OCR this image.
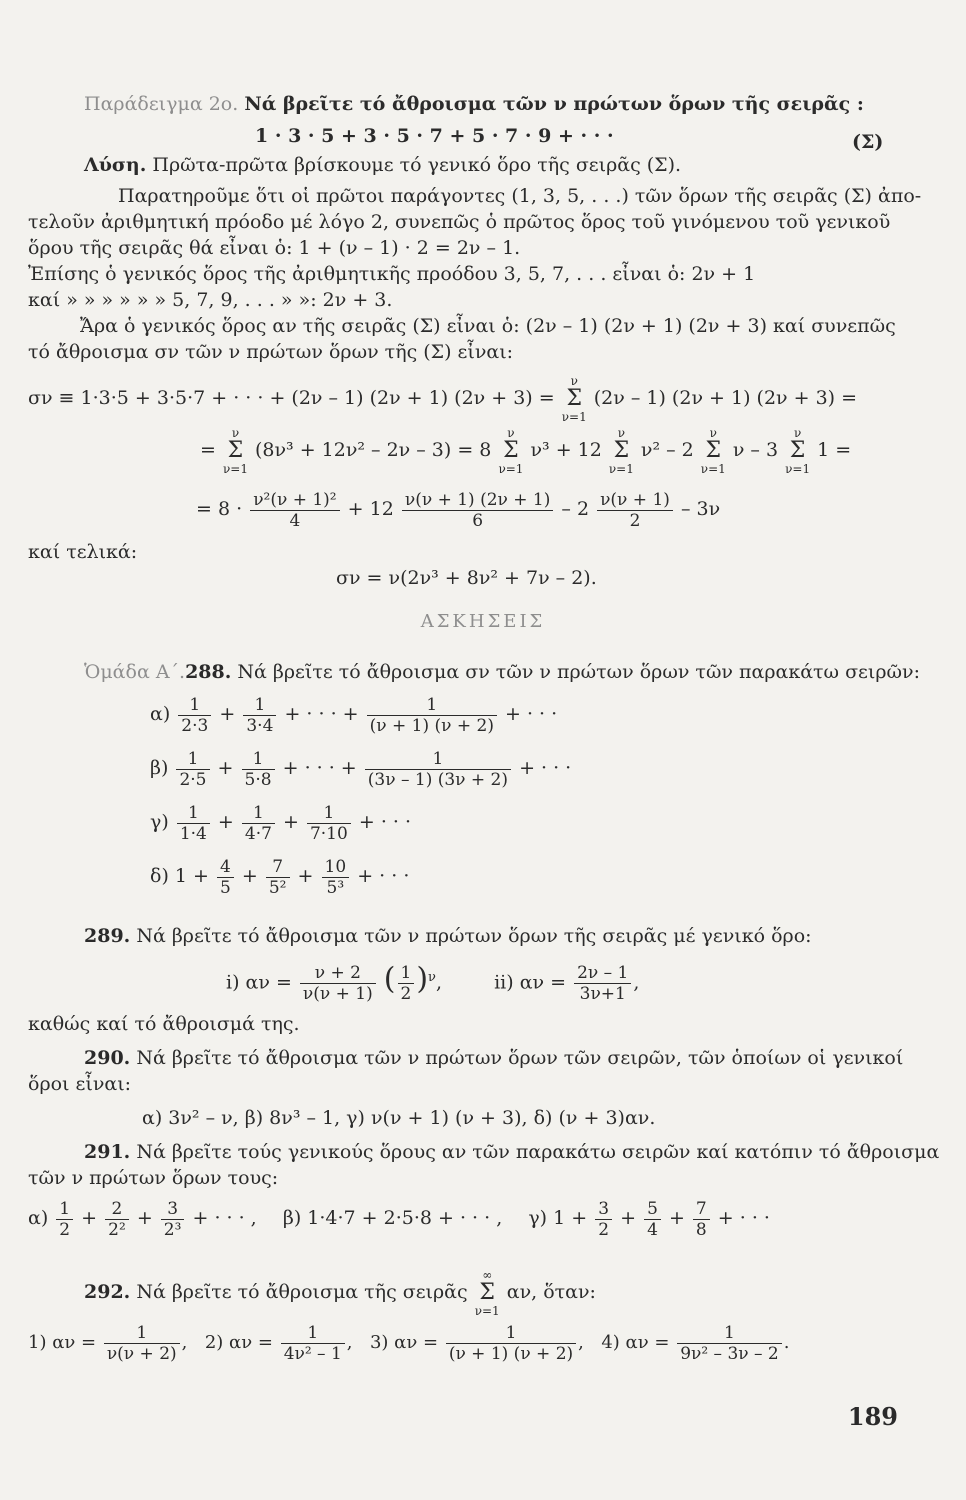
Παράδειγμα 2ο. Νά βρεῖτε τό ἄθροισμα τῶν ν πρώτων ὅρων τῆς σειρᾶς :
1 · 3 · 5 + 3 · 5 · 7 + 5 · 7 · 9 + · · ·	(Σ)
Λύση. Πρῶτα-πρῶτα βρίσκουμε τό γενικό ὅρο τῆς σειρᾶς (Σ).
Παρατηροῦμε ὅτι οἱ πρῶτοι παράγοντες (1, 3, 5, . . .) τῶν ὅρων τῆς σειρᾶς (Σ) ἀπο-
τελοῦν ἀριθμητική πρόοδο μέ λόγο 2, συνεπῶς ὁ πρῶτος ὅρος τοῦ γινόμενου τοῦ γενικοῦ
ὅρου τῆς σειρᾶς θά εἶναι ὁ: 1 + (ν – 1) · 2 = 2ν – 1.
Ἐπίσης ὁ γενικός ὅρος τῆς ἀριθμητικῆς προόδου 3, 5, 7, . . . εἶναι ὁ: 2ν + 1
καί » » » » » » 5, 7, 9, . . . » »: 2ν + 3.
Ἄρα ὁ γενικός ὅρος αν τῆς σειρᾶς (Σ) εἶναι ὁ: (2ν – 1) (2ν + 1) (2ν + 3) καί συνεπῶς
τό ἄθροισμα σν τῶν ν πρώτων ὅρων τῆς (Σ) εἶναι:
σν ≡ 1·3·5 + 3·5·7 + · · · + (2ν – 1) (2ν + 1) (2ν + 3) =
ν
Σ
ν=1
(2ν – 1) (2ν + 1) (2ν + 3) =
=
ν
Σ
ν=1
(8ν³ + 12ν² – 2ν – 3) = 8
ν
Σ
ν=1
ν³ + 12
ν
Σ
ν=1
ν² – 2
ν
Σ
ν=1
ν – 3
ν
Σ
ν=1
1 =
= $8 \cdot \frac{\text{ν²(ν + 1)²}}{4} + 12 \frac{\nu(\nu + 1) (2\nu + 1)}{6} - 2 \frac{\nu(\nu + 1)}{2} - 3\nu$
καί τελικά:
σν = ν(2ν³ + 8ν² + 7ν – 2).
ΑΣΚΗΣΕΙΣ
Ὁμάδα Α΄.288. Νά βρεῖτε τό ἄθροισμα σν τῶν ν πρώτων ὅρων τῶν παρακάτω σειρῶν:
$\alpha) \frac{1}{2\cdot 3} + \frac{1}{3\cdot 4}$ + · · · + $\frac{1}{(\nu + 1) (\nu + 2)}$ + · · ·
$\beta) \frac{1}{2\cdot 5} + \frac{1}{5\cdot 8}$ + · · · + $\frac{1}{(3\nu - 1) (3\nu + 2)}$ + · · ·
$\gamma) \frac{1}{1\cdot 4} + \frac{1}{4\cdot 7} + \frac{1}{7\cdot 10}$ + · · ·
δ) $1 + \frac{4}{5} + \frac{7}{\text{5²}} + \frac{10}{\text{5³}}$ + · · ·
289. Νά βρεῖτε τό ἄθροισμα τῶν ν πρώτων ὅρων τῆς σειρᾶς μέ γενικό ὅρο:
i) $\alpha\nu = \frac{\nu + 2}{\nu(\nu + 1)}$ ( $\frac{1}{2} )^\nu$,  ii) $\alpha\nu = \frac{2\nu - 1}{3\nu+1}$ ,
καθώς καί τό ἄθροισμά της.
290. Νά βρεῖτε τό ἄθροισμα τῶν ν πρώτων ὅρων τῶν σειρῶν, τῶν ὁποίων οἱ γενικοί
ὅροι εἶναι:
α) 3ν² – ν, β) 8ν³ – 1, γ) ν(ν + 1) (ν + 3), δ) (ν + 3)αν.
291. Νά βρεῖτε τούς γενικούς ὅρους αν τῶν παρακάτω σειρῶν καί κατόπιν τό ἄθροισμα
τῶν ν πρώτων ὅρων τους:
$\alpha) \frac{1}{2} + \frac{2}{\text{2²}} + \frac{3}{\text{2³}}$ + · · · , β) 1·4·7 + 2·5·8 + · · · , γ) $1 + \frac{3}{2} + \frac{5}{4} + \frac{7}{8}$ + · · ·
292. Νά βρεῖτε τό ἄθροισμα τῆς σειρᾶς
∞
Σ
ν=1
αν, ὅταν:
1) $\alpha\nu = \frac{1}{\nu(\nu + 2)}$ ,  2) $\alpha\nu = \frac{1}{\text{4ν² – 1}}$ ,  3) $\alpha\nu = \frac{1}{(\nu + 1) (\nu + 2)}$ ,  4) $\alpha\nu = \frac{1}{\text{9ν² – 3ν – 2}}$ .
189
